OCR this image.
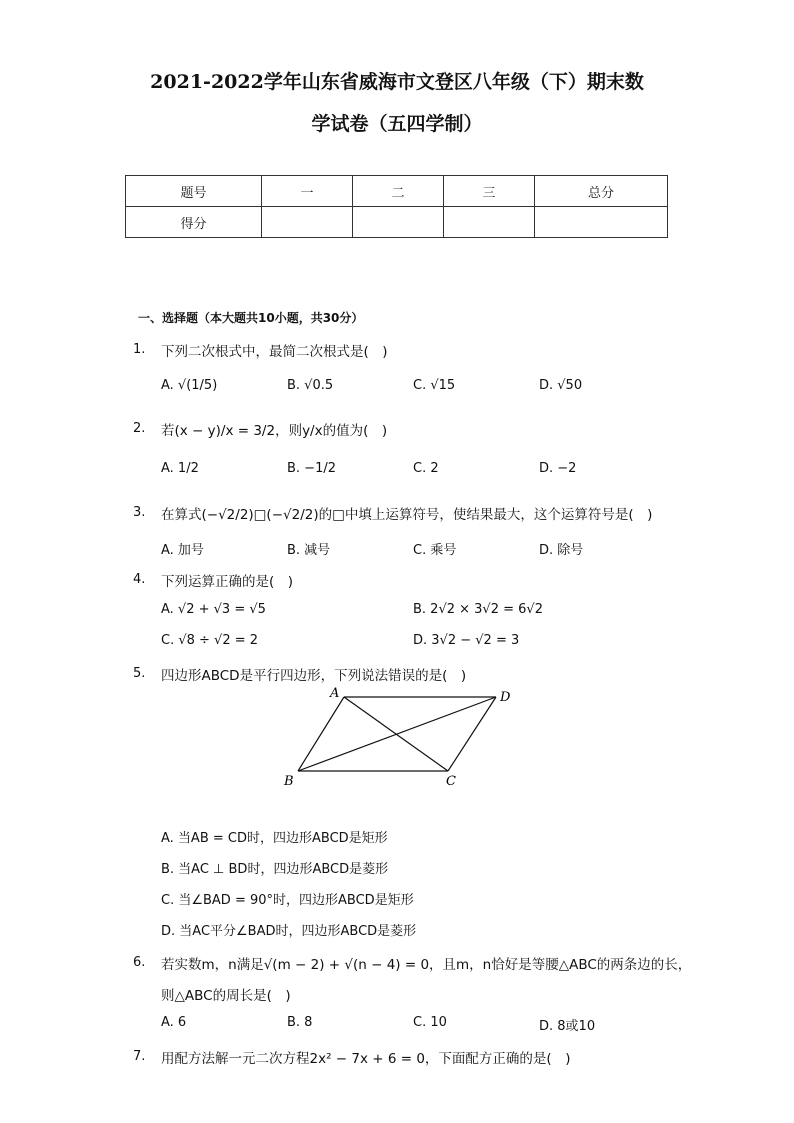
2021-2022学年山东省威海市文登区八年级（下）期末数
学试卷（五四学制）
题号	一	二	三	总分
得分				
一、选择题（本大题共10小题，共30分）
1. 下列二次根式中，最简二次根式是(　)
A. √(1/5)	B. √0.5	C. √15	D. √50
2. 若(x − y)/x = 3/2，则y/x的值为(　)
A. 1/2	B. −1/2	C. 2	D. −2
3. 在算式(−√2/2)□(−√2/2)的□中填上运算符号，使结果最大，这个运算符号是(　)
A. 加号	B. 减号	C. 乘号	D. 除号
4. 下列运算正确的是(　)
A. √2 + √3 = √5	B. 2√2 × 3√2 = 6√2
C. √8 ÷ √2 = 2	D. 3√2 − √2 = 3
5. 四边形ABCD是平行四边形，下列说法错误的是(　)
A	D
B	C
A. 当AB = CD时，四边形ABCD是矩形
B. 当AC ⊥ BD时，四边形ABCD是菱形
C. 当∠BAD = 90°时，四边形ABCD是矩形
D. 当AC平分∠BAD时，四边形ABCD是菱形
6. 若实数m，n满足√(m − 2) + √(n − 4) = 0，且m，n恰好是等腰△ABC的两条边的长，
则△ABC的周长是(　)
A. 6	B. 8	C. 10	D. 8或10
7. 用配方法解一元二次方程2x² − 7x + 6 = 0，下面配方正确的是(　)
